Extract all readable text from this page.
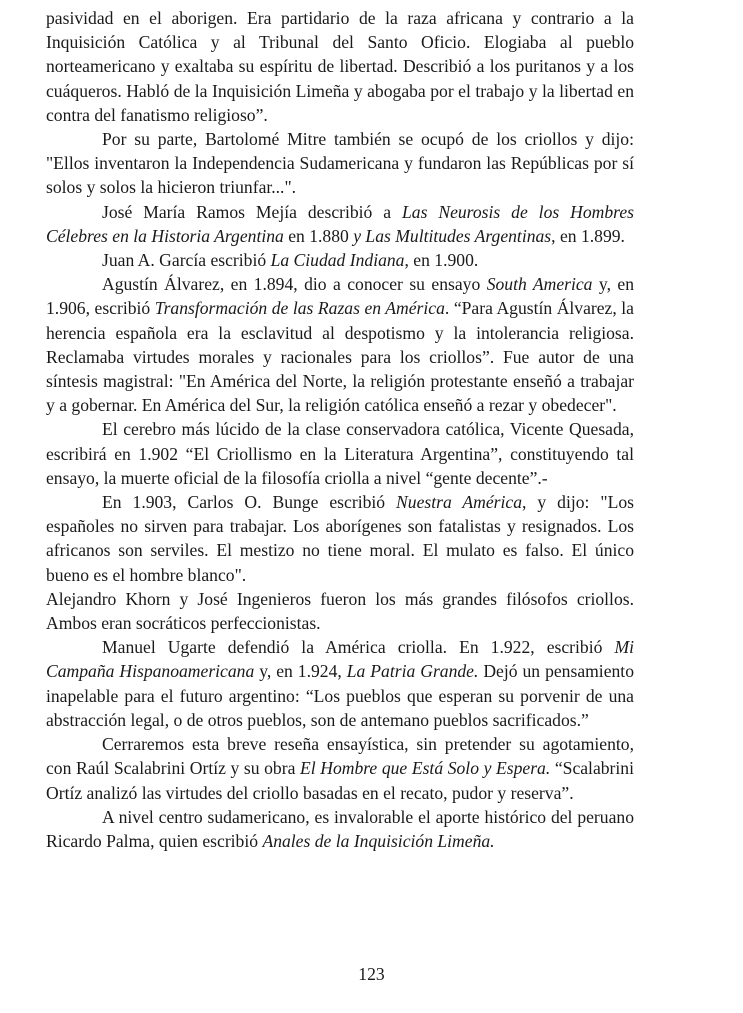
pasividad en el aborigen. Era partidario de la raza africana y contrario a la Inquisición Católica y al Tribunal del Santo Oficio. Elogiaba al pueblo norteamericano y exaltaba su espíritu de libertad. Describió a los puritanos y a los cuáqueros. Habló de la Inquisición Limeña y abogaba por el trabajo y la libertad en contra del fanatismo religioso”.

Por su parte, Bartolomé Mitre también se ocupó de los criollos y dijo: "Ellos inventaron la Independencia Sudamericana y fundaron las Repúblicas por sí solos y solos la hicieron triunfar...".

José María Ramos Mejía describió a Las Neurosis de los Hombres Célebres en la Historia Argentina en 1.880 y Las Multitudes Argentinas, en 1.899.

Juan A. García escribió La Ciudad Indiana, en 1.900.

Agustín Álvarez, en 1.894, dio a conocer su ensayo South America y, en 1.906, escribió Transformación de las Razas en América. “Para Agustín Álvarez, la herencia española era la esclavitud al despotismo y la intolerancia religiosa. Reclamaba virtudes morales y racionales para los criollos”. Fue autor de una síntesis magistral: "En América del Norte, la religión protestante enseñó a trabajar y a gobernar. En América del Sur, la religión católica enseñó a rezar y obedecer".

El cerebro más lúcido de la clase conservadora católica, Vicente Quesada, escribirá en 1.902 “El Criollismo en la Literatura Argentina”, constituyendo tal ensayo, la muerte oficial de la filosofía criolla a nivel “gente decente”.-

En 1.903, Carlos O. Bunge escribió Nuestra América, y dijo: "Los españoles no sirven para trabajar. Los aborígenes son fatalistas y resignados. Los africanos son serviles. El mestizo no tiene moral. El mulato es falso. El único bueno es el hombre blanco".

Alejandro Khorn y José Ingenieros fueron los más grandes filósofos criollos. Ambos eran socráticos perfeccionistas.

Manuel Ugarte defendió la América criolla. En 1.922, escribió Mi Campaña Hispanoamericana y, en 1.924, La Patria Grande. Dejó un pensamiento inapelable para el futuro argentino: “Los pueblos que esperan su porvenir de una abstracción legal, o de otros pueblos, son de antemano pueblos sacrificados.”

Cerraremos esta breve reseña ensayística, sin pretender su agotamiento, con Raúl Scalabrini Ortíz y su obra El Hombre que Está Solo y Espera. “Scalabrini Ortíz analizó las virtudes del criollo basadas en el recato, pudor y reserva”.

A nivel centro sudamericano, es invalorable el aporte histórico del peruano Ricardo Palma, quien escribió Anales de la Inquisición Limeña.

123
